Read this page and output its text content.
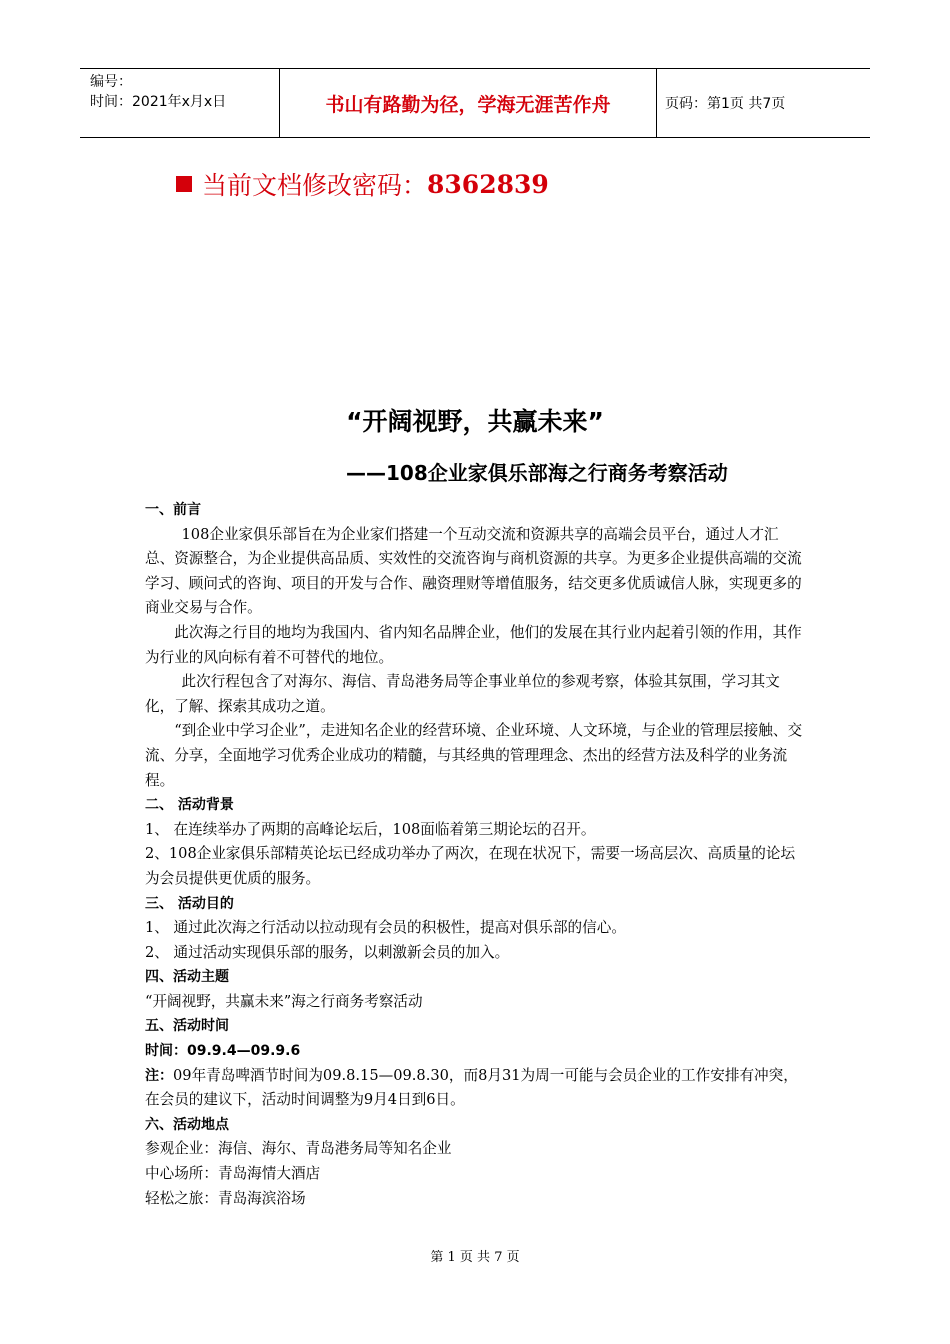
编号：
时间：2021年x月x日	书山有路勤为径，学海无涯苦作舟	页码：第1页 共7页
当前文档修改密码： 8362839
“开阔视野，共赢未来”
——108企业家俱乐部海之行商务考察活动

一、前言

108企业家俱乐部旨在为企业家们搭建一个互动交流和资源共享的高端会员平台，通过人才汇总、资源整合，为企业提供高品质、实效性的交流咨询与商机资源的共享。为更多企业提供高端的交流学习、顾问式的咨询、项目的开发与合作、融资理财等增值服务，结交更多优质诚信人脉，实现更多的商业交易与合作。

此次海之行目的地均为我国内、省内知名品牌企业，他们的发展在其行业内起着引领的作用，其作为行业的风向标有着不可替代的地位。

此次行程包含了对海尔、海信、青岛港务局等企事业单位的参观考察，体验其氛围，学习其文化，了解、探索其成功之道。

“到企业中学习企业”，走进知名企业的经营环境、企业环境、人文环境，与企业的管理层接触、交流、分享，全面地学习优秀企业成功的精髓，与其经典的管理理念、杰出的经营方法及科学的业务流程。

二、 活动背景

1、 在连续举办了两期的高峰论坛后，108面临着第三期论坛的召开。

2、108企业家俱乐部精英论坛已经成功举办了两次，在现在状况下，需要一场高层次、高质量的论坛为会员提供更优质的服务。

三、 活动目的

1、 通过此次海之行活动以拉动现有会员的积极性，提高对俱乐部的信心。

2、 通过活动实现俱乐部的服务，以刺激新会员的加入。

四、活动主题

“开阔视野，共赢未来”海之行商务考察活动

五、活动时间

时间：09.9.4—09.9.6

注：09年青岛啤酒节时间为09.8.15—09.8.30，而8月31为周一可能与会员企业的工作安排有冲突，在会员的建议下，活动时间调整为9月4日到6日。

六、活动地点

参观企业：海信、海尔、青岛港务局等知名企业

中心场所：青岛海情大酒店

轻松之旅：青岛海滨浴场

第 1 页 共 7 页
